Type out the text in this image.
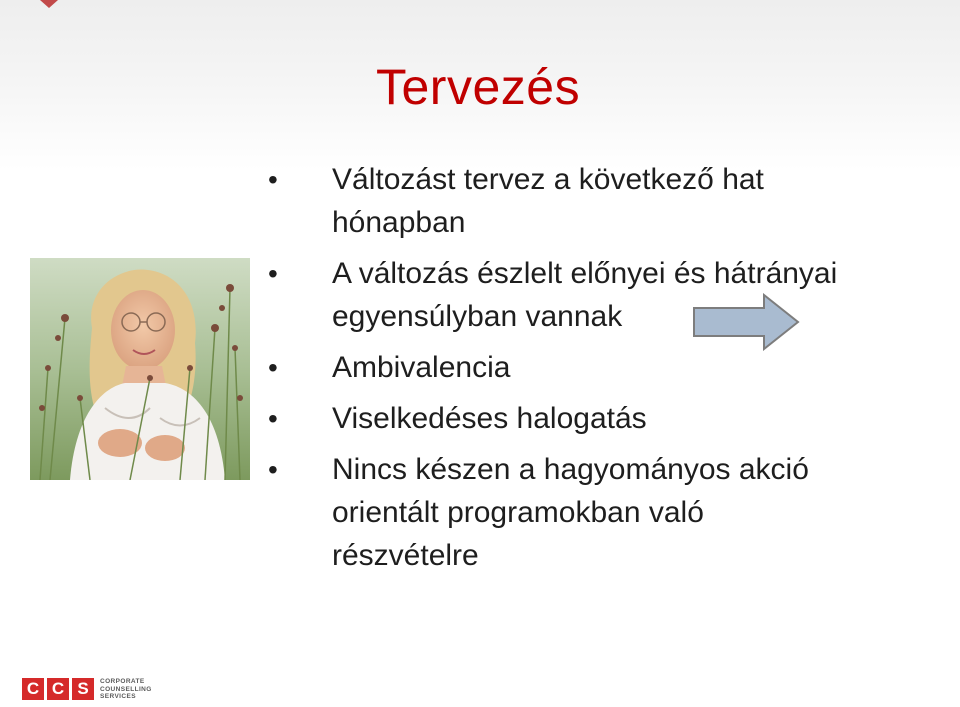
Tervezés
• Változást tervez a következő hat hónapban
• A változás észlelt előnyei és hátrányai egyensúlyban vannak
• Ambivalencia
• Viselkedéses halogatás
• Nincs készen a hagyományos akció orientált programokban való részvételre
C C S	CORPORATE
COUNSELLING
SERVICES
